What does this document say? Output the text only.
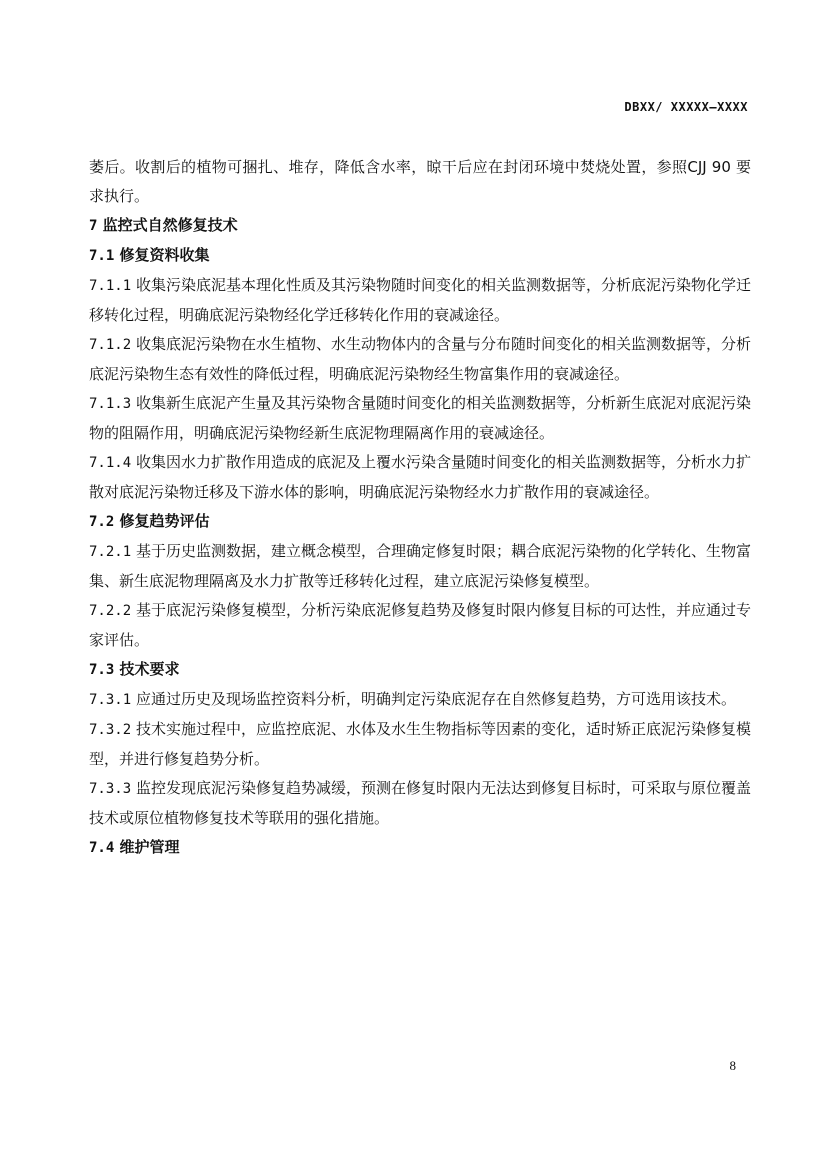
DBXX/ XXXXX—XXXX

萎后。收割后的植物可捆扎、堆存，降低含水率，晾干后应在封闭环境中焚烧处置，参照CJJ 90 要求执行。

7 监控式自然修复技术

7.1 修复资料收集

7.1.1 收集污染底泥基本理化性质及其污染物随时间变化的相关监测数据等，分析底泥污染物化学迁移转化过程，明确底泥污染物经化学迁移转化作用的衰减途径。

7.1.2 收集底泥污染物在水生植物、水生动物体内的含量与分布随时间变化的相关监测数据等，分析底泥污染物生态有效性的降低过程，明确底泥污染物经生物富集作用的衰减途径。

7.1.3 收集新生底泥产生量及其污染物含量随时间变化的相关监测数据等，分析新生底泥对底泥污染物的阻隔作用，明确底泥污染物经新生底泥物理隔离作用的衰减途径。

7.1.4 收集因水力扩散作用造成的底泥及上覆水污染含量随时间变化的相关监测数据等，分析水力扩散对底泥污染物迁移及下游水体的影响，明确底泥污染物经水力扩散作用的衰减途径。

7.2 修复趋势评估

7.2.1 基于历史监测数据，建立概念模型，合理确定修复时限；耦合底泥污染物的化学转化、生物富集、新生底泥物理隔离及水力扩散等迁移转化过程，建立底泥污染修复模型。

7.2.2 基于底泥污染修复模型，分析污染底泥修复趋势及修复时限内修复目标的可达性，并应通过专家评估。

7.3 技术要求

7.3.1 应通过历史及现场监控资料分析，明确判定污染底泥存在自然修复趋势，方可选用该技术。

7.3.2 技术实施过程中，应监控底泥、水体及水生生物指标等因素的变化，适时矫正底泥污染修复模型，并进行修复趋势分析。

7.3.3 监控发现底泥污染修复趋势减缓，预测在修复时限内无法达到修复目标时，可采取与原位覆盖技术或原位植物修复技术等联用的强化措施。

7.4 维护管理

8
